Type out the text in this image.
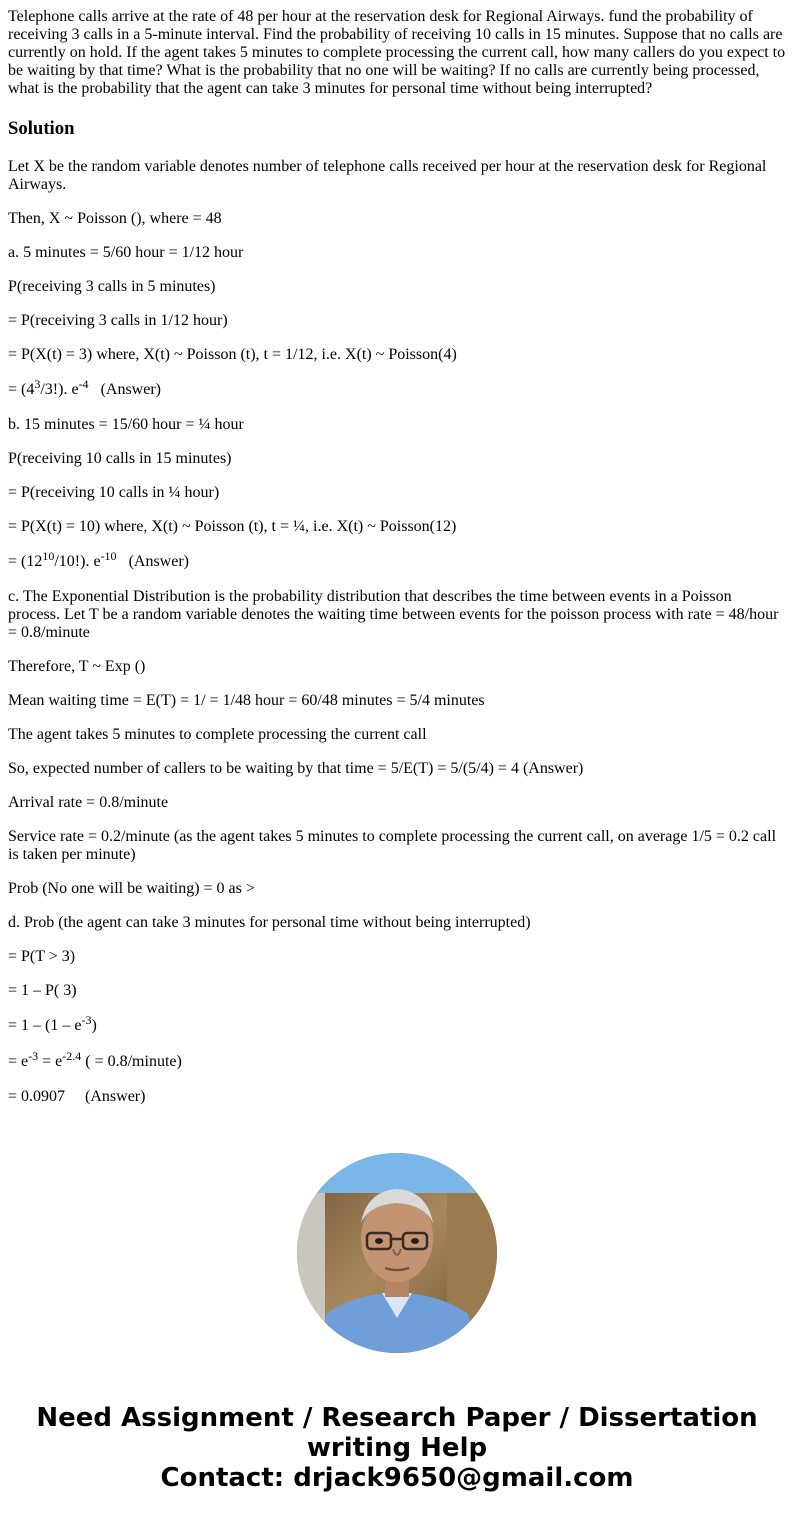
Telephone calls arrive at the rate of 48 per hour at the reservation desk for Regional Airways. fund the probability of receiving 3 calls in a 5-minute interval. Find the probability of receiving 10 calls in 15 minutes. Suppose that no calls are currently on hold. If the agent takes 5 minutes to complete processing the current call, how many callers do you expect to be waiting by that time? What is the probability that no one will be waiting? If no calls are currently being processed, what is the probability that the agent can take 3 minutes for personal time without being interrupted?
Solution
Let X be the random variable denotes number of telephone calls received per hour at the reservation desk for Regional Airways.
Then, X ~ Poisson (), where = 48
a. 5 minutes = 5/60 hour = 1/12 hour
P(receiving 3 calls in 5 minutes)
= P(receiving 3 calls in 1/12 hour)
= P(X(t) = 3) where, X(t) ~ Poisson (t), t = 1/12, i.e. X(t) ~ Poisson(4)
= $(4^3/3!)$. $e^{-4}$   (Answer)
b. 15 minutes = 15/60 hour = ¼ hour
P(receiving 10 calls in 15 minutes)
= P(receiving 10 calls in ¼ hour)
= P(X(t) = 10) where, X(t) ~ Poisson (t), t = ¼, i.e. X(t) ~ Poisson(12)
= $(12^{10}/10!)$. $e^{-10}$   (Answer)
c. The Exponential Distribution is the probability distribution that describes the time between events in a Poisson process. Let T be a random variable denotes the waiting time between events for the poisson process with rate = 48/hour = 0.8/minute
Therefore, T ~ Exp ()
Mean waiting time = E(T) = 1/ = 1/48 hour = 60/48 minutes = 5/4 minutes
The agent takes 5 minutes to complete processing the current call
So, expected number of callers to be waiting by that time = 5/E(T) = 5/(5/4) = 4 (Answer)
Arrival rate = 0.8/minute
Service rate = 0.2/minute (as the agent takes 5 minutes to complete processing the current call, on average 1/5 = 0.2 call is taken per minute)
Prob (No one will be waiting) = 0 as >
d. Prob (the agent can take 3 minutes for personal time without being interrupted)
= P(T > 3)
= 1 – P( 3)
= $1 - (1 - e^{-3})$
= $e^{-3} = e^{-2.4}$ ( = 0.8/minute)
= 0.0907     (Answer)
Need Assignment / Research Paper / Dissertation
writing Help
Contact: drjack9650@gmail.com
